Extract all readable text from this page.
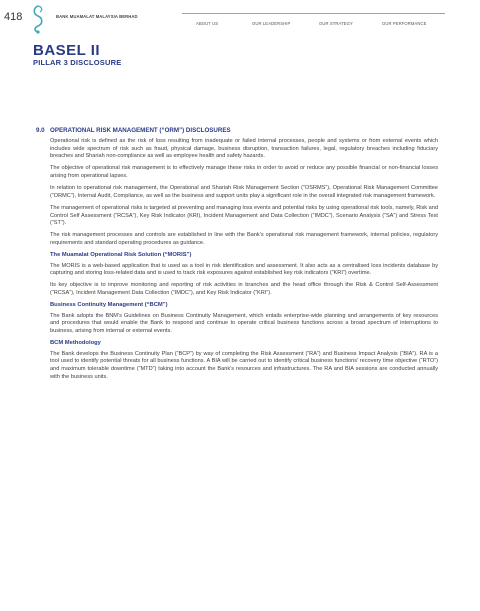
418	BANK MUAMALAT MALAYSIA BERHAD
ABOUT US	OUR LEADERSHIP	OUR STRATEGY	OUR PERFORMANCE
BASEL II
PILLAR 3 DISCLOSURE
9.0 OPERATIONAL RISK MANAGEMENT (“ORM”) DISCLOSURES

Operational risk is defined as the risk of loss resulting from inadequate or failed internal processes, people and systems or from external events which includes wide spectrum of risk such as fraud, physical damage, business disruption, transaction failures, legal, regulatory breaches including fiduciary breaches and Shariah non-compliance as well as employee health and safety hazards.

The objective of operational risk management is to effectively manage these risks in order to avoid or reduce any possible financial or non-financial losses arising from operational lapses.

In relation to operational risk management, the Operational and Shariah Risk Management Section (“OSRMS”), Operational Risk Management Committee (“ORMC”), Internal Audit, Compliance, as well as the business and support units play a significant role in the overall integrated risk management framework.

The management of operational risks is targeted at preventing and managing loss events and potential risks by using operational risk tools, namely, Risk and Control Self Assessment (“RCSA”), Key Risk Indicator (KRI), Incident Management and Data Collection (“IMDC”), Scenario Analysis (“SA”) and Stress Test (“ST”).

The risk management processes and controls are established in line with the Bank’s operational risk management framework, internal policies, regulatory requirements and standard operating procedures as guidance.

The Muamalat Operational Risk Solution (“MORIS”)

The MORIS is a web-based application that is used as a tool in risk identification and assessment. It also acts as a centralised loss incidents database by capturing and storing loss-related data and is used to track risk exposures against established key risk indicators (“KRI”) overtime.

Its key objective is to improve monitoring and reporting of risk activities in branches and the head office through the Risk & Control Self-Assessment (“RCSA”), Incident Management Data Collection (“IMDC”), and Key Risk Indicator (“KRI”).

Business Continuity Management (“BCM”)

The Bank adopts the BNM’s Guidelines on Business Continuity Management, which entails enterprise-wide planning and arrangements of key resources and procedures that would enable the Bank to respond and continue to operate critical business functions across a broad spectrum of interruptions to business, arising from internal or external events.

BCM Methodology

The Bank develops the Business Continuity Plan (“BCP”) by way of completing the Risk Assessment (“RA”) and Business Impact Analysis (“BIA”). RA is a tool used to identify potential threats for all business functions. A BIA will be carried out to identify critical business functions’ recovery time objective (“RTO”) and maximum tolerable downtime (“MTD”) taking into account the Bank’s resources and infrastructures. The RA and BIA sessions are conducted annually with the business units.
